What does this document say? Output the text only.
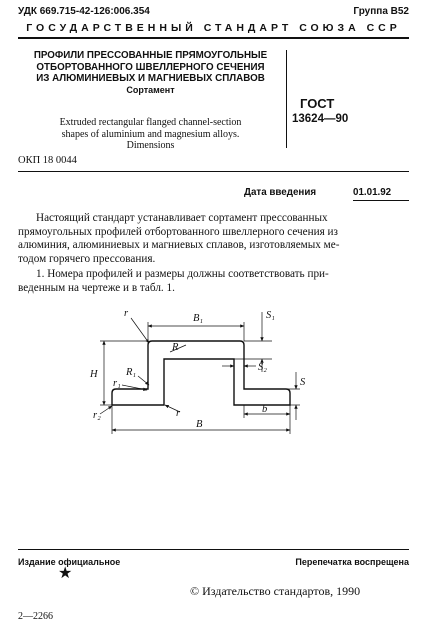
УДК 669.715-42-126:006.354	Группа В52
ГОСУДАРСТВЕННЫЙ СТАНДАРТ СОЮЗА ССР
ПРОФИЛИ ПРЕССОВАННЫЕ ПРЯМОУГОЛЬНЫЕ
ОТБОРТОВАННОГО ШВЕЛЛЕРНОГО СЕЧЕНИЯ
ИЗ АЛЮМИНИЕВЫХ И МАГНИЕВЫХ СПЛАВОВ
Сортамент
Extruded rectangular flanged channel-section
shapes of aluminium and magnesium alloys.
Dimensions
ГОСТ
13624—90
ОКП 18 0044
Дата введения	01.01.92
Настоящий стандарт устанавливает сортамент прессованных
прямоугольных профилей отбортованного швеллерного сечения из
алюминия, алюминиевых и магниевых сплавов, изготовляемых ме-
тодом горячего прессования.
1. Номера профилей и размеры должны соответствовать при-
веденным на чертеже и в табл. 1.
r	B₁	S₁
R
S₂
H
r₁
R₁
r₂	r
S
b
B
Издание официальное	Перепечатка воспрещена
★
© Издательство стандартов, 1990
2—2266
